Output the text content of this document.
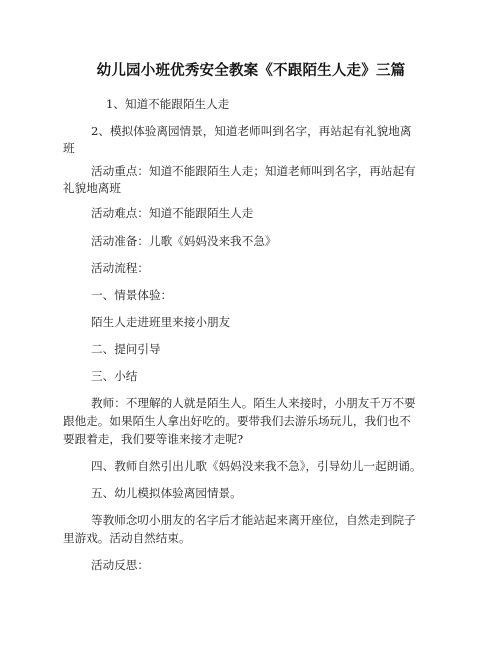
幼儿园小班优秀安全教案《不跟陌生人走》三篇
1、知道不能跟陌生人走
2、模拟体验离园情景，知道老师叫到名字，再站起有礼貌地离
班
活动重点：知道不能跟陌生人走；知道老师叫到名字，再站起有
礼貌地离班
活动难点：知道不能跟陌生人走
活动准备：儿歌《妈妈没来我不急》
活动流程：
一、情景体验：
陌生人走进班里来接小朋友
二、提问引导
三、小结
教师：不理解的人就是陌生人。陌生人来接时，小朋友千万不要
跟他走。如果陌生人拿出好吃的。要带我们去游乐场玩儿，我们也不
要跟着走，我们要等谁来接才走呢?
四、教师自然引出儿歌《妈妈没来我不急》，引导幼儿一起朗诵。
五、幼儿模拟体验离园情景。
等教师念叨小朋友的名字后才能站起来离开座位，自然走到院子
里游戏。活动自然结束。
活动反思：
